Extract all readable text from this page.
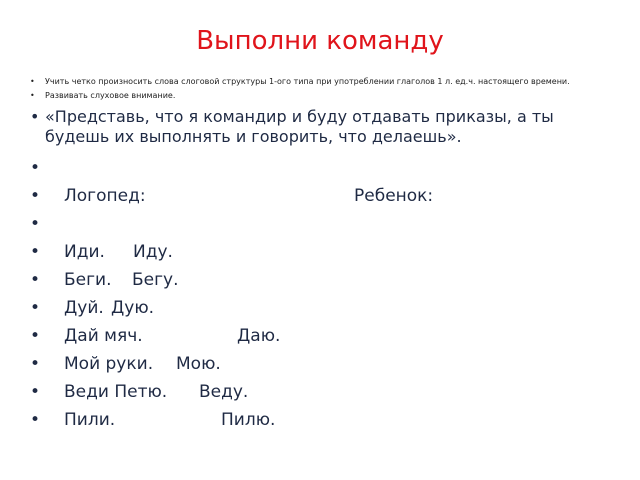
Выполни команду
• Учить четко произносить слова слоговой структуры 1-ого типа при употреблении глаголов 1 л. ед.ч. настоящего времени.
• Развивать слуховое внимание.
• «Представь, что я командир и буду отдавать приказы, а ты
будешь их выполнять и говорить, что делаешь».
•
• Логопед:	Ребенок:
•
• Иди. Иду.
• Беги. Бегу.
• Дуй. Дую.
• Дай мяч.	Даю.
• Мой руки. Мою.
• Веди Петю. Веду.
• Пили.	Пилю.
